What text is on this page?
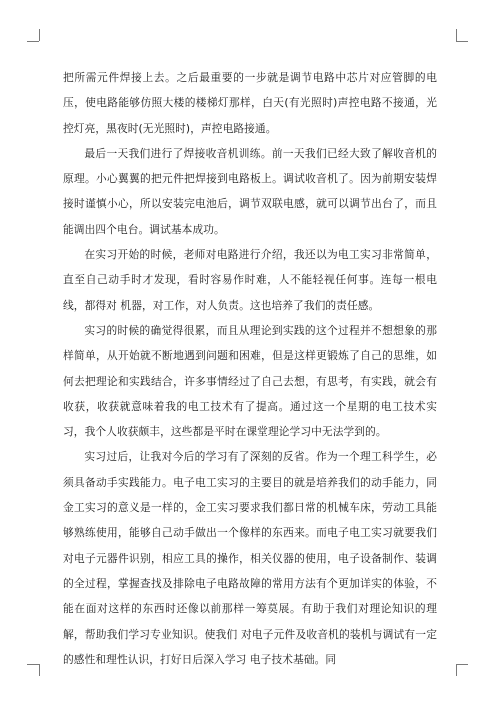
把所需元件焊接上去。之后最重要的一步就是调节电路中芯片对应管脚的电压，使电路能够仿照大楼的楼梯灯那样，白天(有光照时)声控电路不接通，光控灯亮，黑夜时(无光照时)，声控电路接通。

最后一天我们进行了焊接收音机训练。前一天我们已经大致了解收音机的原理。小心翼翼的把元件把焊接到电路板上。调试收音机了。因为前期安装焊接时谨慎小心，所以安装完电池后，调节双联电感，就可以调节出台了，而且能调出四个电台。调试基本成功。

在实习开始的时候，老师对电路进行介绍，我还以为电工实习非常简单，直至自己动手时才发现，看时容易作时难，人不能轻视任何事。连每一根电线，都得对 机器，对工作，对人负责。这也培养了我们的责任感。

实习的时候的确觉得很累，而且从理论到实践的这个过程并不想想象的那样简单，从开始就不断地遇到问题和困难，但是这样更锻炼了自己的思维，如何去把理论和实践结合，许多事情经过了自己去想，有思考，有实践，就会有收获，收获就意味着我的电工技术有了提高。通过这一个星期的电工技术实习，我个人收获颇丰，这些都是平时在课堂理论学习中无法学到的。

实习过后，让我对今后的学习有了深刻的反省。作为一个理工科学生，必须具备动手实践能力。电子电工实习的主要目的就是培养我们的动手能力，同金工实习的意义是一样的，金工实习要求我们都日常的机械车床，劳动工具能够熟练使用，能够自己动手做出一个像样的东西来。而电子电工实习就要我们对电子元器件识别，相应工具的操作，相关仪器的使用，电子设备制作、装调的全过程，掌握查找及排除电子电路故障的常用方法有个更加详实的体验，不能在面对这样的东西时还像以前那样一筹莫展。有助于我们对理论知识的理解，帮助我们学习专业知识。使我们 对电子元件及收音机的装机与调试有一定的感性和理性认识，打好日后深入学习 电子技术基础。同
